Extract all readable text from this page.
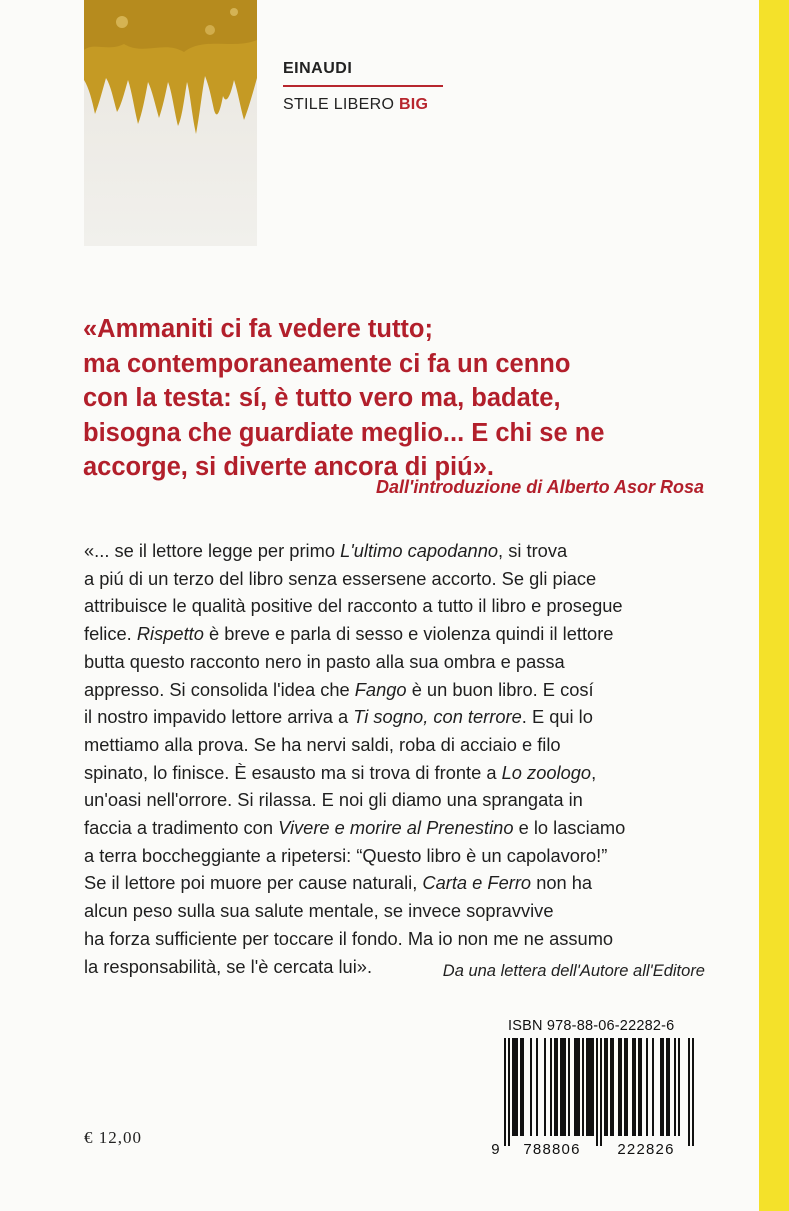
EINAUDI
STILE LIBERO BIG

«Ammaniti ci fa vedere tutto;
ma contemporaneamente ci fa un cenno
con la testa: sí, è tutto vero ma, badate,
bisogna che guardiate meglio... E chi se ne
accorge, si diverte ancora di piú».

Dall'introduzione di Alberto Asor Rosa

«... se il lettore legge per primo L'ultimo capodanno, si trova
a piú di un terzo del libro senza essersene accorto. Se gli piace
attribuisce le qualità positive del racconto a tutto il libro e prosegue
felice. Rispetto è breve e parla di sesso e violenza quindi il lettore
butta questo racconto nero in pasto alla sua ombra e passa
appresso. Si consolida l'idea che Fango è un buon libro. E cosí
il nostro impavido lettore arriva a Ti sogno, con terrore. E qui lo
mettiamo alla prova. Se ha nervi saldi, roba di acciaio e filo
spinato, lo finisce. È esausto ma si trova di fronte a Lo zoologo,
un'oasi nell'orrore. Si rilassa. E noi gli diamo una sprangata in
faccia a tradimento con Vivere e morire al Prenestino e lo lasciamo
a terra boccheggiante a ripetersi: “Questo libro è un capolavoro!”
Se il lettore poi muore per cause naturali, Carta e Ferro non ha
alcun peso sulla sua salute mentale, se invece sopravvive
ha forza sufficiente per toccare il fondo. Ma io non me ne assumo
la responsabilità, se l'è cercata lui».	Da una lettera dell'Autore all'Editore
ISBN 978-88-06-22282-6
9 788806 222826
€ 12,00
